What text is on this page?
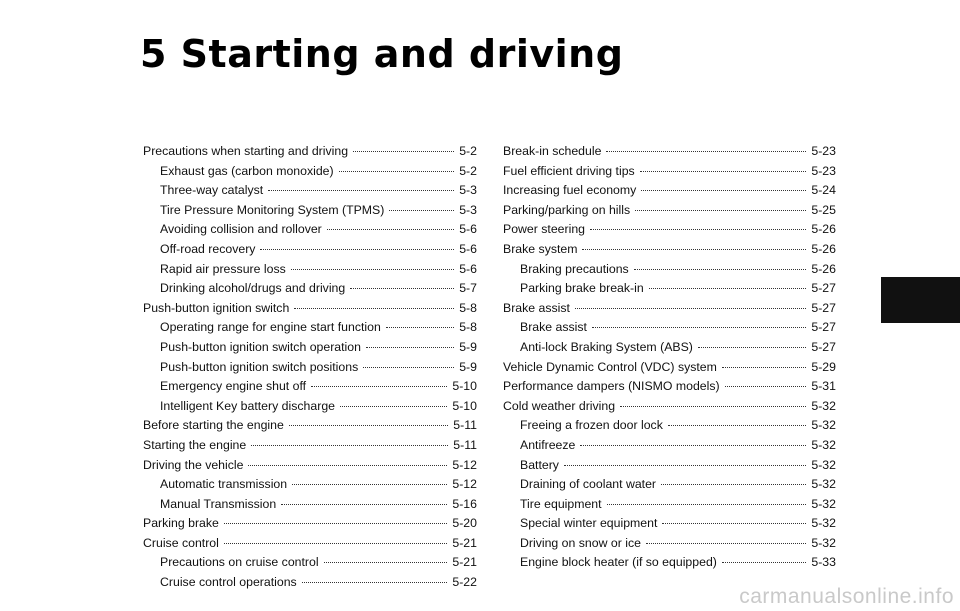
5 Starting and driving
Precautions when starting and driving	5-2
Exhaust gas (carbon monoxide)	5-2
Three-way catalyst	5-3
Tire Pressure Monitoring System (TPMS)	5-3
Avoiding collision and rollover	5-6
Off-road recovery	5-6
Rapid air pressure loss	5-6
Drinking alcohol/drugs and driving	5-7
Push-button ignition switch	5-8
Operating range for engine start function	5-8
Push-button ignition switch operation	5-9
Push-button ignition switch positions	5-9
Emergency engine shut off	5-10
Intelligent Key battery discharge	5-10
Before starting the engine	5-11
Starting the engine	5-11
Driving the vehicle	5-12
Automatic transmission	5-12
Manual Transmission	5-16
Parking brake	5-20
Cruise control	5-21
Precautions on cruise control	5-21
Cruise control operations	5-22
Break-in schedule	5-23
Fuel efficient driving tips	5-23
Increasing fuel economy	5-24
Parking/parking on hills	5-25
Power steering	5-26
Brake system	5-26
Braking precautions	5-26
Parking brake break-in	5-27
Brake assist	5-27
Brake assist	5-27
Anti-lock Braking System (ABS)	5-27
Vehicle Dynamic Control (VDC) system	5-29
Performance dampers (NISMO models)	5-31
Cold weather driving	5-32
Freeing a frozen door lock	5-32
Antifreeze	5-32
Battery	5-32
Draining of coolant water	5-32
Tire equipment	5-32
Special winter equipment	5-32
Driving on snow or ice	5-32
Engine block heater (if so equipped)	5-33
carmanualsonline.info
